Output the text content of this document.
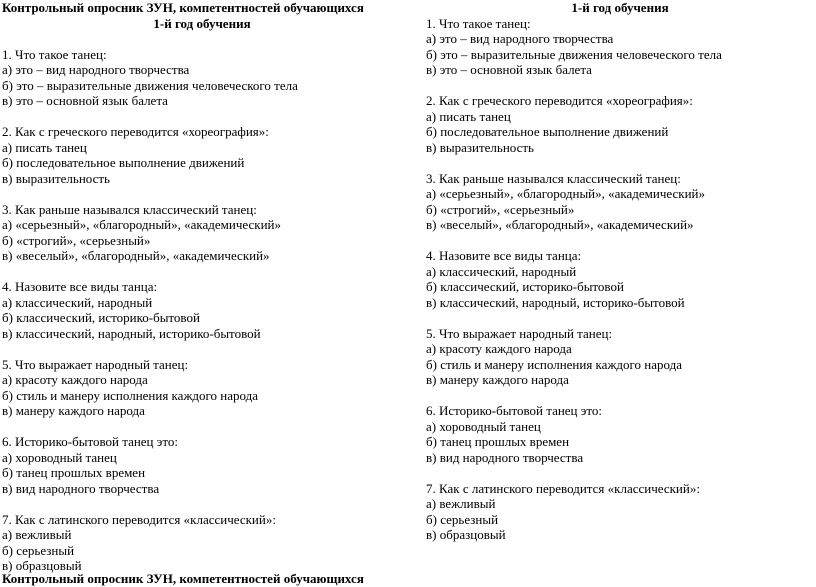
Контрольный опросник ЗУН, компетентностей обучающихся
1-й год обучения
1. Что такое танец:
а) это – вид народного творчества
б) это – выразительные движения человеческого тела
в) это – основной язык балета
2. Как с греческого переводится «хореография»:
а) писать танец
б) последовательное выполнение движений
в) выразительность
3. Как раньше назывался классический танец:
а) «серьезный», «благородный», «академический»
б) «строгий», «серьезный»
в) «веселый», «благородный», «академический»
4. Назовите все виды танца:
а) классический, народный
б) классический, историко-бытовой
в) классический, народный, историко-бытовой
5. Что выражает народный танец:
а) красоту каждого народа
б) стиль и манеру исполнения каждого народа
в) манеру каждого народа
6. Историко-бытовой танец это:
а) хороводный танец
б) танец прошлых времен
в) вид народного творчества
7. Как с латинского переводится «классический»:
а) вежливый
б) серьезный
в) образцовый
1-й год обучения
1. Что такое танец:
а) это – вид народного творчества
б) это – выразительные движения человеческого тела
в) это – основной язык балета
2. Как с греческого переводится «хореография»:
а) писать танец
б) последовательное выполнение движений
в) выразительность
3. Как раньше назывался классический танец:
а) «серьезный», «благородный», «академический»
б) «строгий», «серьезный»
в) «веселый», «благородный», «академический»
4. Назовите все виды танца:
а) классический, народный
б) классический, историко-бытовой
в) классический, народный, историко-бытовой
5. Что выражает народный танец:
а) красоту каждого народа
б) стиль и манеру исполнения каждого народа
в) манеру каждого народа
6. Историко-бытовой танец это:
а) хороводный танец
б) танец прошлых времен
в) вид народного творчества
7. Как с латинского переводится «классический»:
а) вежливый
б) серьезный
в) образцовый
Контрольный опросник ЗУН, компетентностей обучающихся
